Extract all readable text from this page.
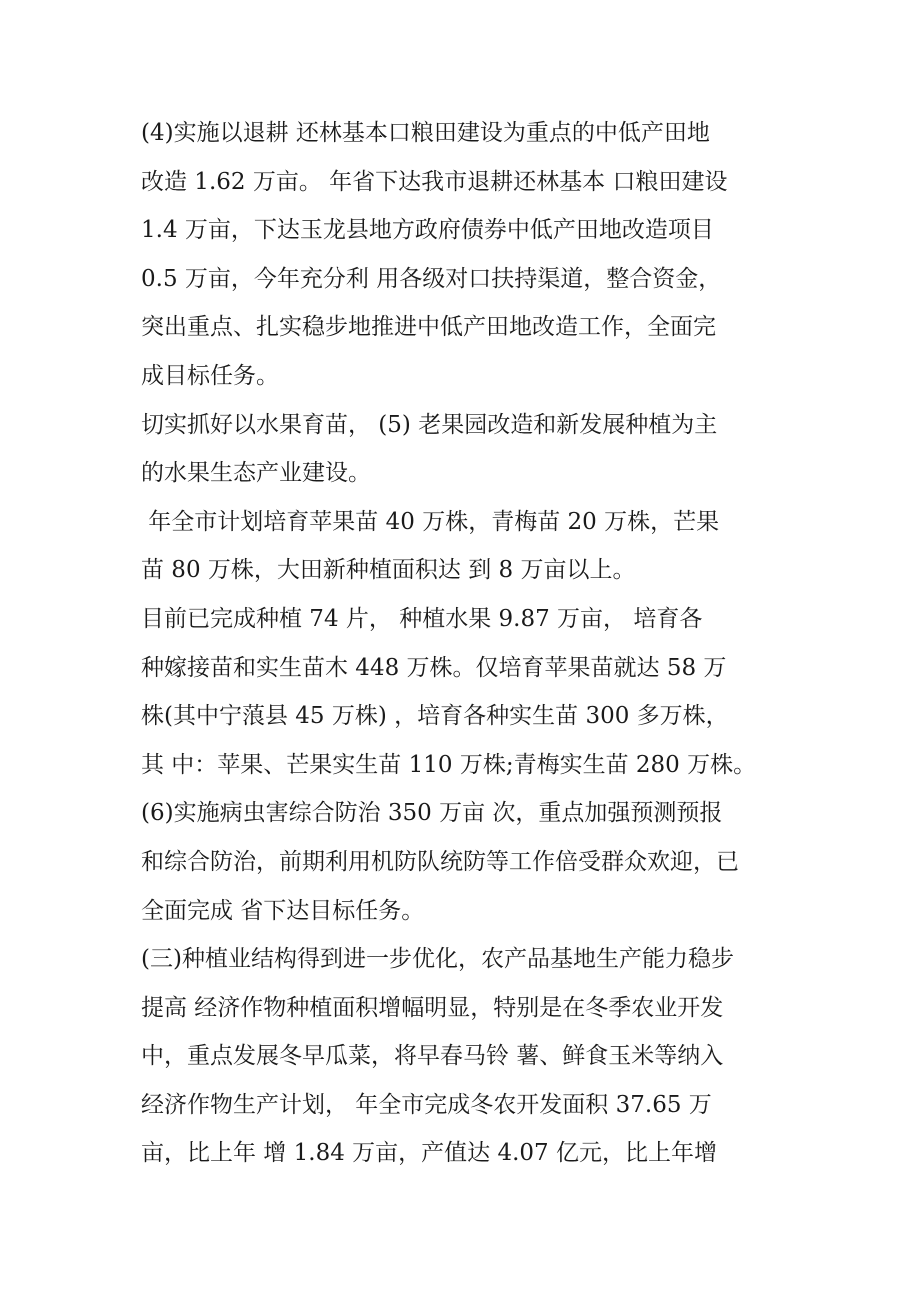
(4)实施以退耕 还林基本口粮田建设为重点的中低产田地
改造 1.62 万亩。 年省下达我市退耕还林基本 口粮田建设
1.4 万亩，下达玉龙县地方政府债券中低产田地改造项目
0.5 万亩，今年充分利 用各级对口扶持渠道，整合资金，
突出重点、扎实稳步地推进中低产田地改造工作，全面完
成目标任务。
切实抓好以水果育苗， (5) 老果园改造和新发展种植为主
的水果生态产业建设。
年全市计划培育苹果苗 40 万株，青梅苗 20 万株，芒果
苗 80 万株，大田新种植面积达 到 8 万亩以上。
目前已完成种植 74 片， 种植水果 9.87 万亩， 培育各
种嫁接苗和实生苗木 448 万株。仅培育苹果苗就达 58 万
株(其中宁蒗县 45 万株) ，培育各种实生苗 300 多万株，
其 中：苹果、芒果实生苗 110 万株;青梅实生苗 280 万株。
(6)实施病虫害综合防治 350 万亩 次，重点加强预测预报
和综合防治，前期利用机防队统防等工作倍受群众欢迎，已
全面完成 省下达目标任务。
(三)种植业结构得到进一步优化，农产品基地生产能力稳步
提高 经济作物种植面积增幅明显，特别是在冬季农业开发
中，重点发展冬早瓜菜，将早春马铃 薯、鲜食玉米等纳入
经济作物生产计划， 年全市完成冬农开发面积 37.65 万
亩，比上年 增 1.84 万亩，产值达 4.07 亿元，比上年增
